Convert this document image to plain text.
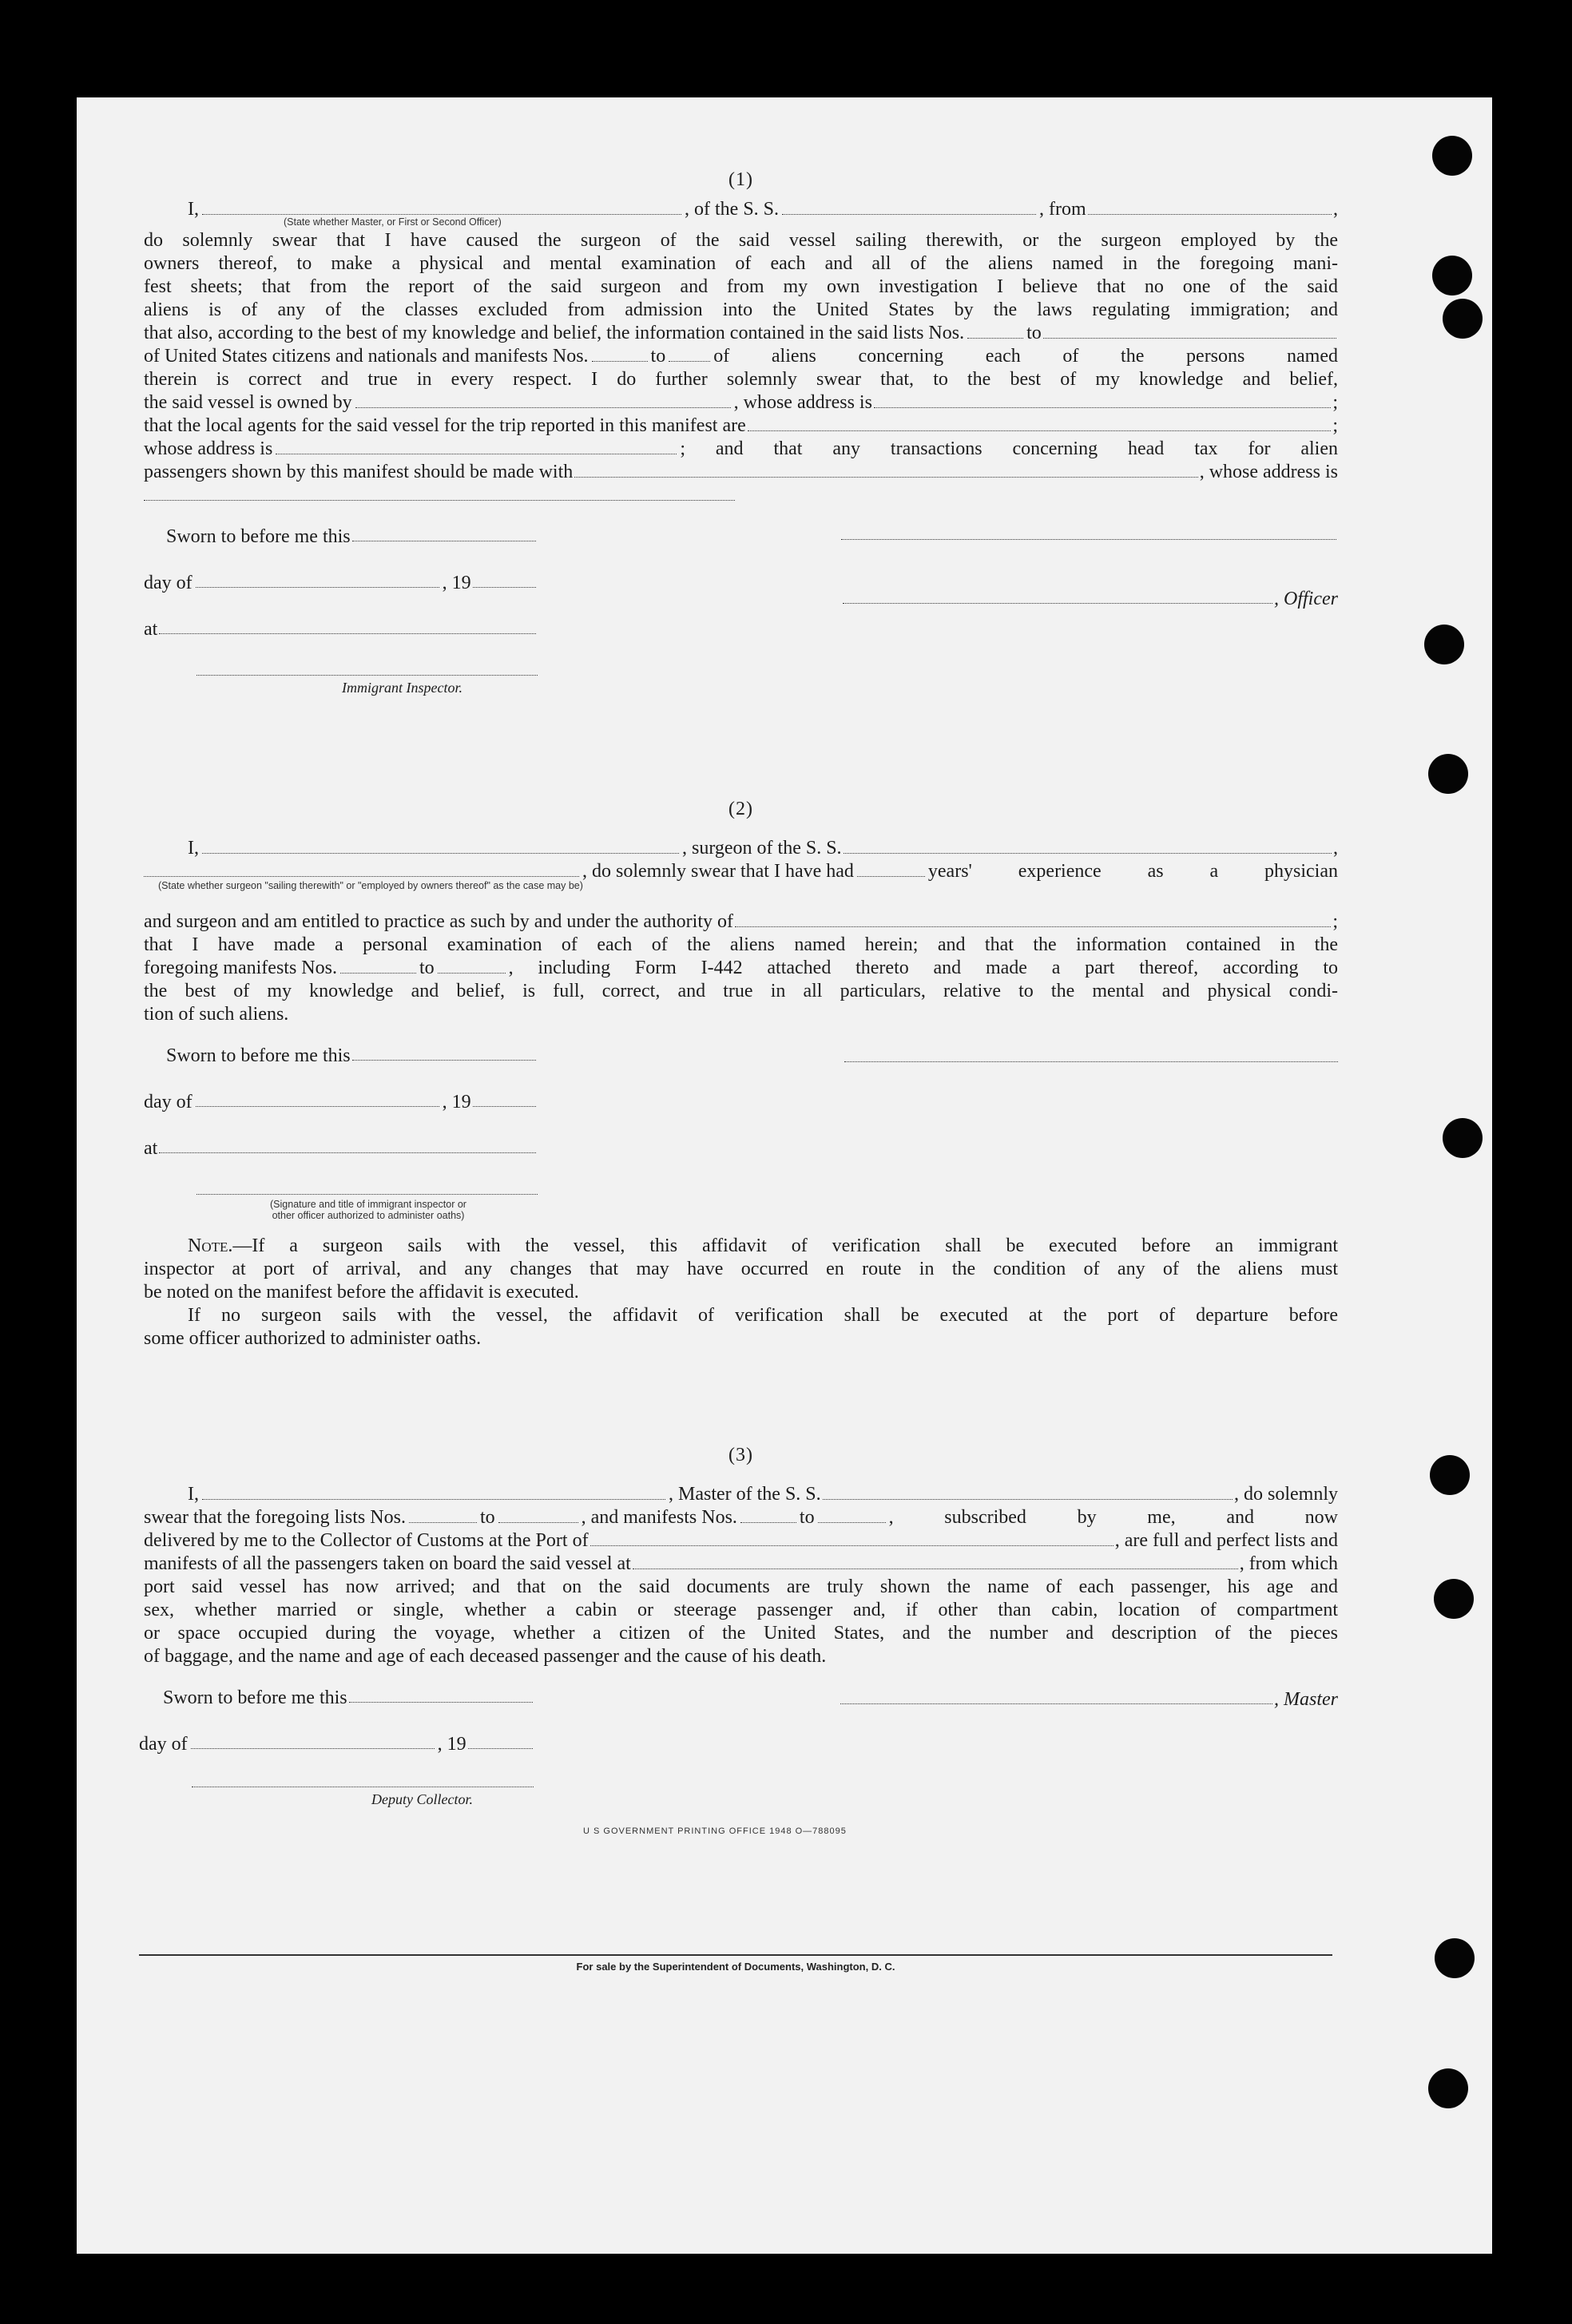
(1)
I,	, of the S. S.	, from	,
(State whether Master, or First or Second Officer)
do solemnly swear that I have caused the surgeon of the said vessel sailing therewith, or the surgeon employed by the
owners thereof, to make a physical and mental examination of each and all of the aliens named in the foregoing mani-
fest sheets; that from the report of the said surgeon and from my own investigation I believe that no one of the said
aliens is of any of the classes excluded from admission into the United States by the laws regulating immigration; and
that also, according to the best of my knowledge and belief, the information contained in the said lists Nos.	to
of United States citizens and nationals and manifests Nos.	to	of aliens concerning each of the persons named
therein is correct and true in every respect. I do further solemnly swear that, to the best of my knowledge and belief,
the said vessel is owned by	, whose address is	;
that the local agents for the said vessel for the trip reported in this manifest are	;
whose address is	; and that any transactions concerning head tax for alien
passengers shown by this manifest should be made with	, whose address is
Sworn to before me this
day of	, 19
at
Immigrant Inspector.
, Officer
(2)
I,	, surgeon of the S. S.	,
, do solemnly swear that I have had	years' experience as a physician
(State whether surgeon "sailing therewith" or "employed by owners thereof" as the case may be)
and surgeon and am entitled to practice as such by and under the authority of	;
that I have made a personal examination of each of the aliens named herein; and that the information contained in the
foregoing manifests Nos.	to	, including Form I-442 attached thereto and made a part thereof, according to
the best of my knowledge and belief, is full, correct, and true in all particulars, relative to the mental and physical condi-
tion of such aliens.
Sworn to before me this
day of	, 19
at
(Signature and title of immigrant inspector or
other officer authorized to administer oaths)
Note.—If a surgeon sails with the vessel, this affidavit of verification shall be executed before an immigrant
inspector at port of arrival, and any changes that may have occurred en route in the condition of any of the aliens must
be noted on the manifest before the affidavit is executed.
If no surgeon sails with the vessel, the affidavit of verification shall be executed at the port of departure before
some officer authorized to administer oaths.
(3)
I,	, Master of the S. S.	, do solemnly
swear that the foregoing lists Nos.	to	, and manifests Nos.	to	, subscribed by me, and now
delivered by me to the Collector of Customs at the Port of	, are full and perfect lists and
manifests of all the passengers taken on board the said vessel at	, from which
port said vessel has now arrived; and that on the said documents are truly shown the name of each passenger, his age and
sex, whether married or single, whether a cabin or steerage passenger and, if other than cabin, location of compartment
or space occupied during the voyage, whether a citizen of the United States, and the number and description of the pieces
of baggage, and the name and age of each deceased passenger and the cause of his death.
Sworn to before me this	, Master
day of	, 19
Deputy Collector.
U S GOVERNMENT PRINTING OFFICE 1948 O—788095
For sale by the Superintendent of Documents, Washington, D. C.
